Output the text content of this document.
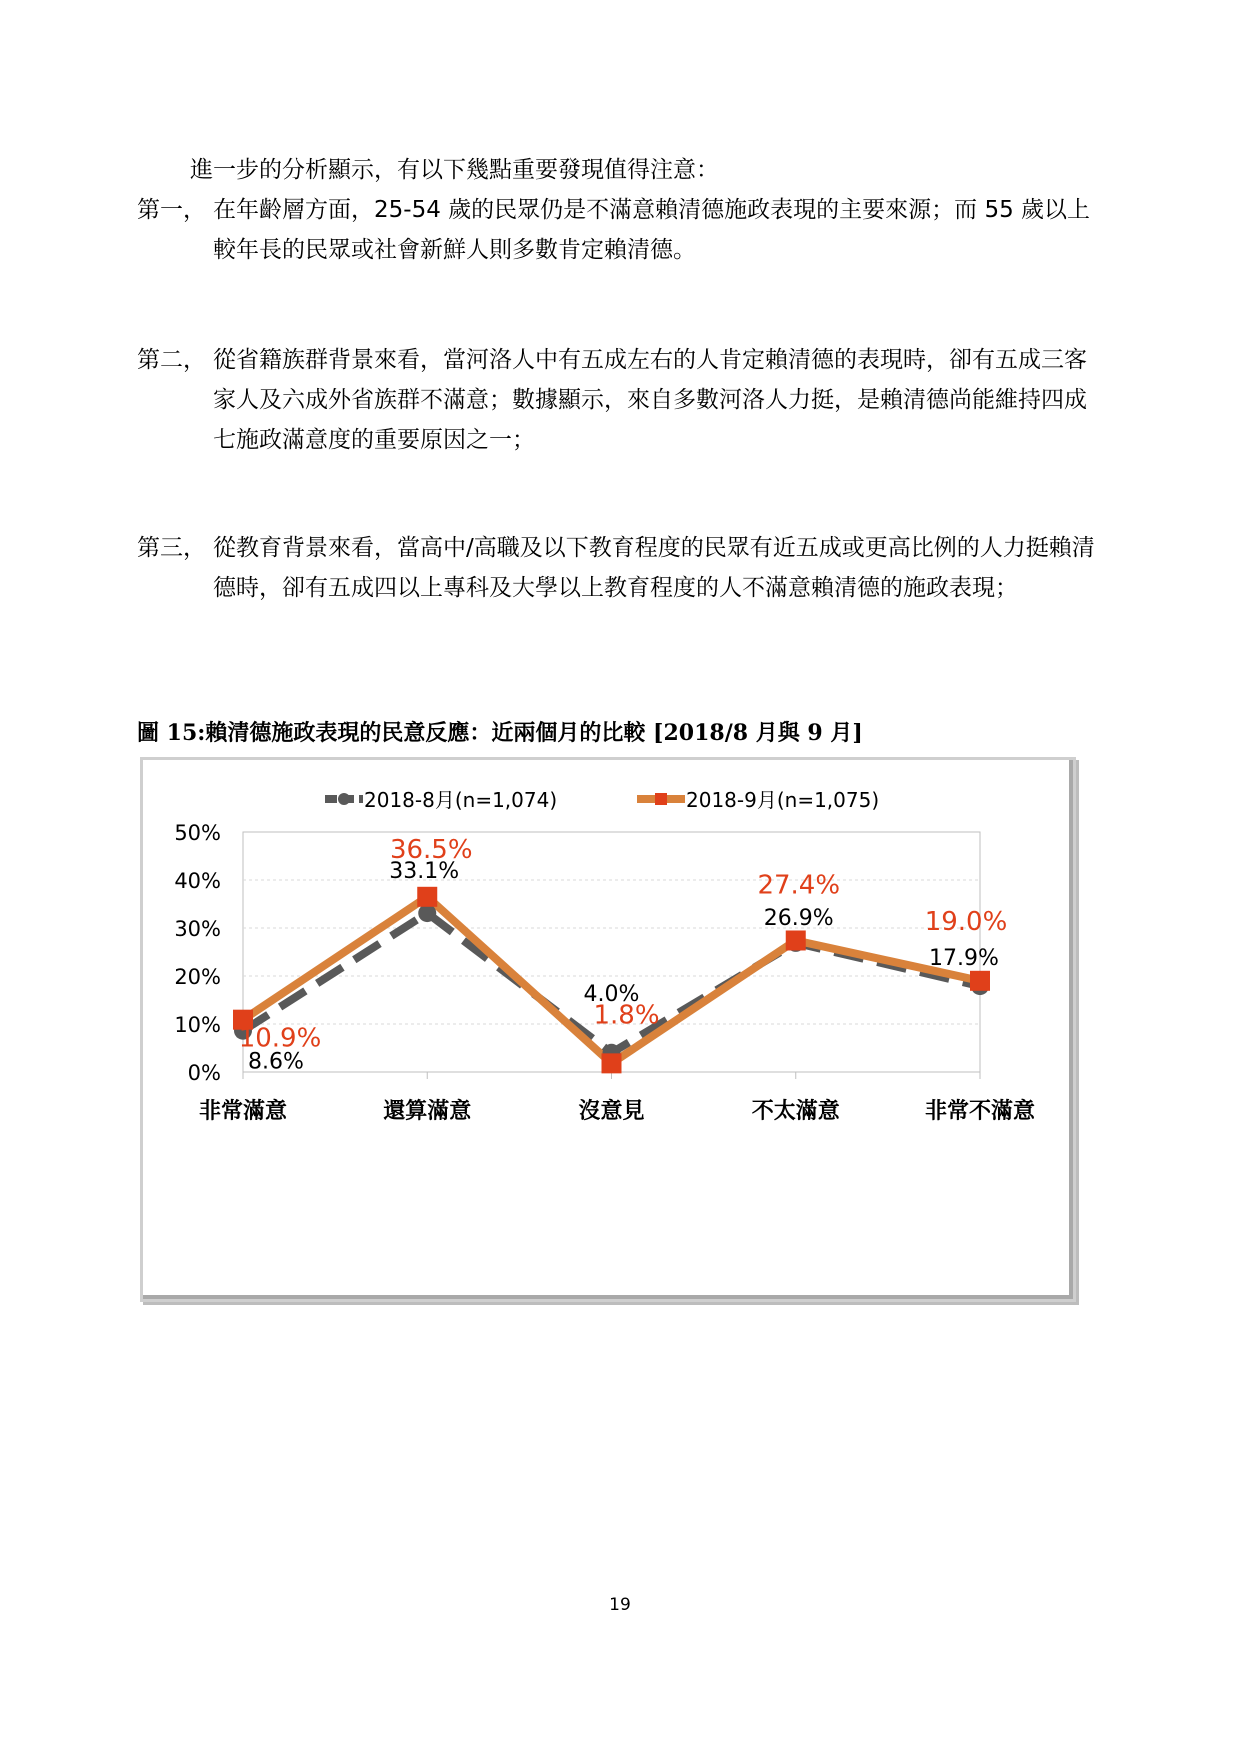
進一步的分析顯示，有以下幾點重要發現值得注意：
第一， 在年齡層方面，25-54 歲的民眾仍是不滿意賴清德施政表現的主要來源；而 55 歲以上較年長的民眾或社會新鮮人則多數肯定賴清德。
第二， 從省籍族群背景來看，當河洛人中有五成左右的人肯定賴清德的表現時，卻有五成三客家人及六成外省族群不滿意；數據顯示，來自多數河洛人力挺，是賴清德尚能維持四成七施政滿意度的重要原因之一；
第三， 從教育背景來看，當高中/高職及以下教育程度的民眾有近五成或更高比例的人力挺賴清德時，卻有五成四以上專科及大學以上教育程度的人不滿意賴清德的施政表現；
圖 15:賴清德施政表現的民意反應：近兩個月的比較 [2018/8 月與 9 月]
0%
10%
20%
30%
40%
50%
非常滿意	還算滿意	沒意見	不太滿意	非常不滿意
8.6%
33.1%
4.0%
26.9%
17.9%
10.9%
36.5%
1.8%
27.4%
19.0%
2018-8月(n=1,074)	2018-9月(n=1,075)
19
